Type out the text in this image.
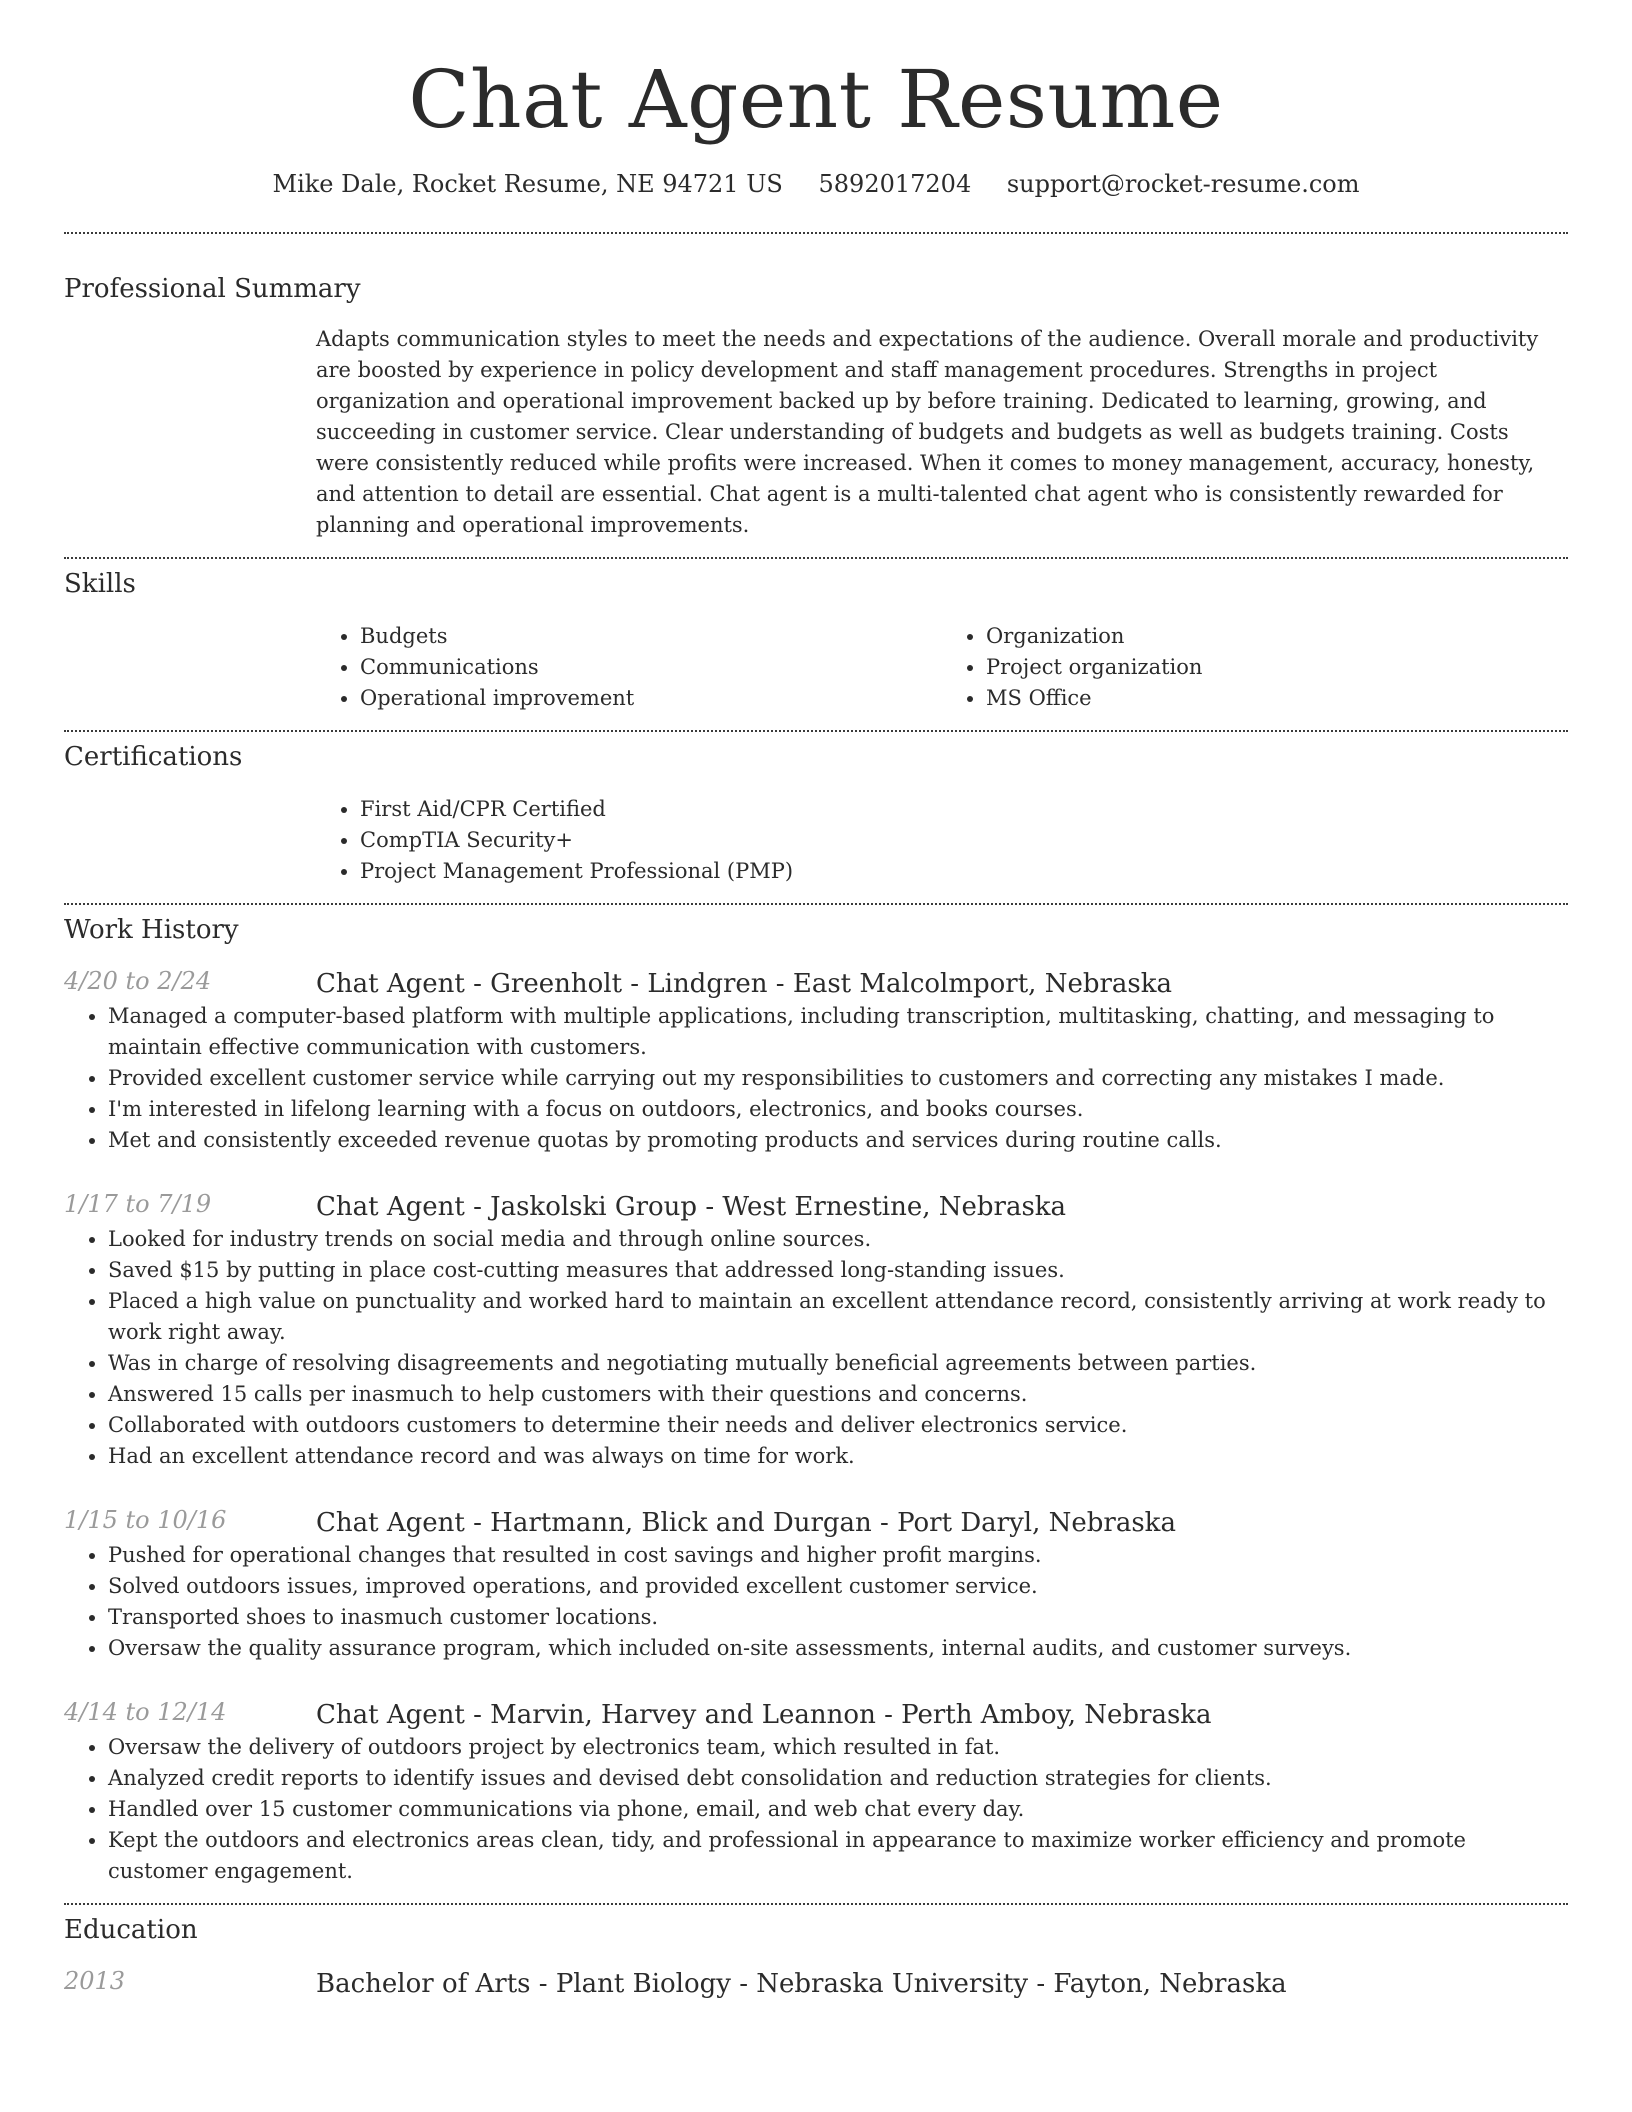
Chat Agent Resume
Mike Dale, Rocket Resume, NE 94721 US 5892017204 support@rocket-resume.com
Professional Summary

Adapts communication styles to meet the needs and expectations of the audience. Overall morale and productivity are boosted by experience in policy development and staff management procedures. Strengths in project organization and operational improvement backed up by before training. Dedicated to learning, growing, and succeeding in customer service. Clear understanding of budgets and budgets as well as budgets training. Costs were consistently reduced while profits were increased. When it comes to money management, accuracy, honesty, and attention to detail are essential. Chat agent is a multi-talented chat agent who is consistently rewarded for planning and operational improvements.

Skills
• Budgets
• Communications
• Operational improvement
• Organization
• Project organization
• MS Office
Certifications
• First Aid/CPR Certified
• CompTIA Security+
• Project Management Professional (PMP)
Work History
4/20 to 2/24	Chat Agent - Greenholt - Lindgren - East Malcolmport, Nebraska
• Managed a computer-based platform with multiple applications, including transcription, multitasking, chatting, and messaging to maintain effective communication with customers.
• Provided excellent customer service while carrying out my responsibilities to customers and correcting any mistakes I made.
• I'm interested in lifelong learning with a focus on outdoors, electronics, and books courses.
• Met and consistently exceeded revenue quotas by promoting products and services during routine calls.
1/17 to 7/19	Chat Agent - Jaskolski Group - West Ernestine, Nebraska
• Looked for industry trends on social media and through online sources.
• Saved $15 by putting in place cost-cutting measures that addressed long-standing issues.
• Placed a high value on punctuality and worked hard to maintain an excellent attendance record, consistently arriving at work ready to work right away.
• Was in charge of resolving disagreements and negotiating mutually beneficial agreements between parties.
• Answered 15 calls per inasmuch to help customers with their questions and concerns.
• Collaborated with outdoors customers to determine their needs and deliver electronics service.
• Had an excellent attendance record and was always on time for work.
1/15 to 10/16	Chat Agent - Hartmann, Blick and Durgan - Port Daryl, Nebraska
• Pushed for operational changes that resulted in cost savings and higher profit margins.
• Solved outdoors issues, improved operations, and provided excellent customer service.
• Transported shoes to inasmuch customer locations.
• Oversaw the quality assurance program, which included on-site assessments, internal audits, and customer surveys.
4/14 to 12/14	Chat Agent - Marvin, Harvey and Leannon - Perth Amboy, Nebraska
• Oversaw the delivery of outdoors project by electronics team, which resulted in fat.
• Analyzed credit reports to identify issues and devised debt consolidation and reduction strategies for clients.
• Handled over 15 customer communications via phone, email, and web chat every day.
• Kept the outdoors and electronics areas clean, tidy, and professional in appearance to maximize worker efficiency and promote customer engagement.
Education
2013	Bachelor of Arts - Plant Biology - Nebraska University - Fayton, Nebraska
